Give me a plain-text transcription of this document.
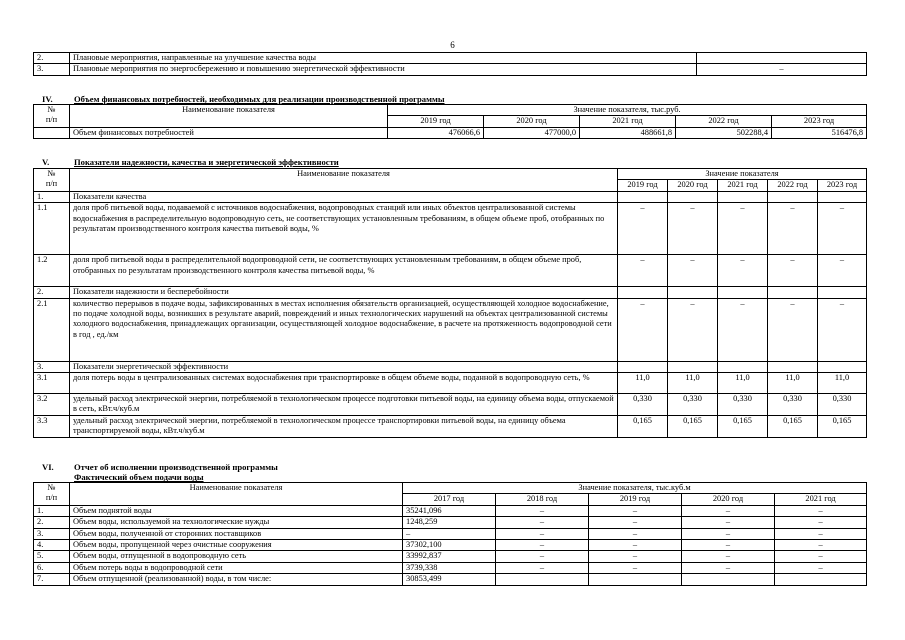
6
2.	Плановые мероприятия, направленные на улучшение качества воды	
3.	Плановые мероприятия по энергосбережению и повышению энергетической эффективности	–
IV. Объем финансовых потребностей, необходимых для реализации производственной программы
№
п/п	Наименование показателя	Значение показателя, тыс.руб.				
		2019 год	2020 год	2021 год	2022 год	2023 год
	Объем финансовых потребностей	476066,6	477000,0	488661,8	502288,4	516476,8
V.	Показатели надежности, качества и энергетической эффективности
№
п/п	Наименование показателя	Значение показателя				
		2019 год	2020 год	2021 год	2022 год	2023 год
1.	Показатели качества					
1.1	доля проб питьевой воды, подаваемой с источников водоснабжения, водопроводных станций или иных объектов централизованной системы водоснабжения в распределительную водопроводную сеть, не соответствующих установленным требованиям, в общем объеме проб, отобранных по результатам производственного контроля качества питьевой воды, %	–	–	–	–	–
1.2	доля проб питьевой воды в распределительной водопроводной сети, не соответствующих установленным требованиям, в общем объеме проб, отобранных по результатам производственного контроля качества питьевой воды, %	–	–	–	–	–
2.	Показатели надежности и бесперебойности					
2.1	количество перерывов в подаче воды, зафиксированных в местах исполнения обязательств организацией, осуществляющей холодное водоснабжение, по подаче холодной воды, возникших в результате аварий, повреждений и иных технологических нарушений на объектах централизованной системы холодного водоснабжения, принадлежащих организации, осуществляющей холодное водоснабжение, в расчете на протяженность водопроводной сети в год , ед./км	–	–	–	–	–
3.	Показатели энергетической эффективности					
3.1	доля потерь воды в централизованных системах водоснабжения при транспортировке в общем объеме воды, поданной в водопроводную сеть, %	11,0	11,0	11,0	11,0	11,0
3.2	удельный расход электрической энергии, потребляемой в технологическом процессе подготовки питьевой воды, на единицу объема воды, отпускаемой в сеть, кВт.ч/куб.м	0,330	0,330	0,330	0,330	0,330
3.3	удельный расход электрической энергии, потребляемой в технологическом процессе транспортировки питьевой воды, на единицу объема транспортируемой воды, кВт.ч/куб.м	0,165	0,165	0,165	0,165	0,165
VI. Отчет об исполнении производственной программы
Фактический объем подачи воды
№
п/п	Наименование показателя	Значение показателя, тыс.куб.м				
		2017 год	2018 год	2019 год	2020 год	2021 год
1.	Объем поднятой воды	35241,096	–	–	–	–
2.	Объем воды, используемой на технологические нужды	1248,259	–	–	–	–
3.	Объем воды, полученной от сторонних поставщиков	–	–	–	–	–
4.	Объем воды, пропущенной через очистные сооружения	37302,100	–	–	–	–
5.	Объем воды, отпущенной в водопроводную сеть	33992,837	–	–	–	–
6.	Объем потерь воды в водопроводной сети	3739,338	–	–	–	–
7.	Объем отпущенной (реализованной) воды, в том числе:	30853,499				
